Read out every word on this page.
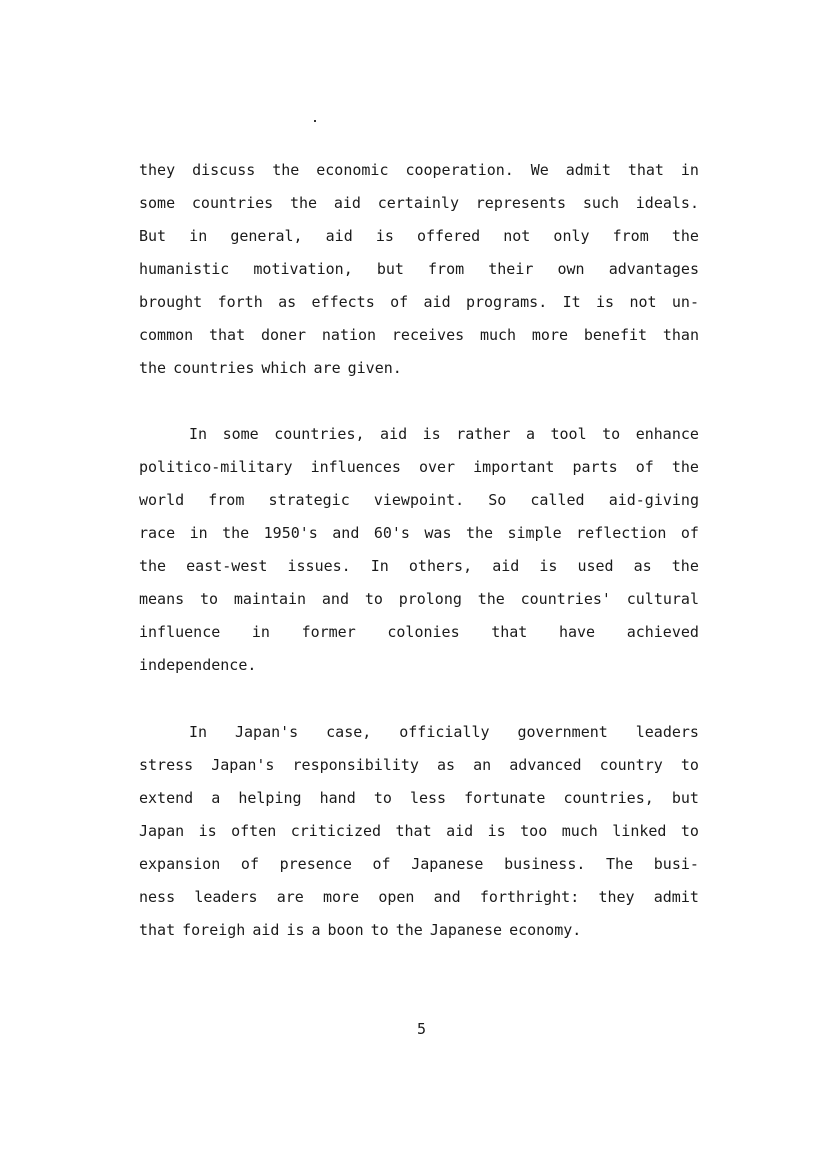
they discuss the economic cooperation. We admit that in
some countries the aid certainly represents such ideals.
But in general, aid is offered not only from the
humanistic motivation, but from their own advantages
brought forth as effects of aid programs. It is not un-
common that doner nation receives much more benefit than
the countries which are given.
In some countries, aid is rather a tool to enhance
politico-military influences over important parts of the
world from strategic viewpoint. So called aid-giving
race in the 1950's and 60's was the simple reflection of
the east-west issues. In others, aid is used as the
means to maintain and to prolong the countries' cultural
influence in former colonies that have achieved
independence.
In Japan's case, officially government leaders
stress Japan's responsibility as an advanced country to
extend a helping hand to less fortunate countries, but
Japan is often criticized that aid is too much linked to
expansion of presence of Japanese business. The busi-
ness leaders are more open and forthright: they admit
that foreigh aid is a boon to the Japanese economy.
5
